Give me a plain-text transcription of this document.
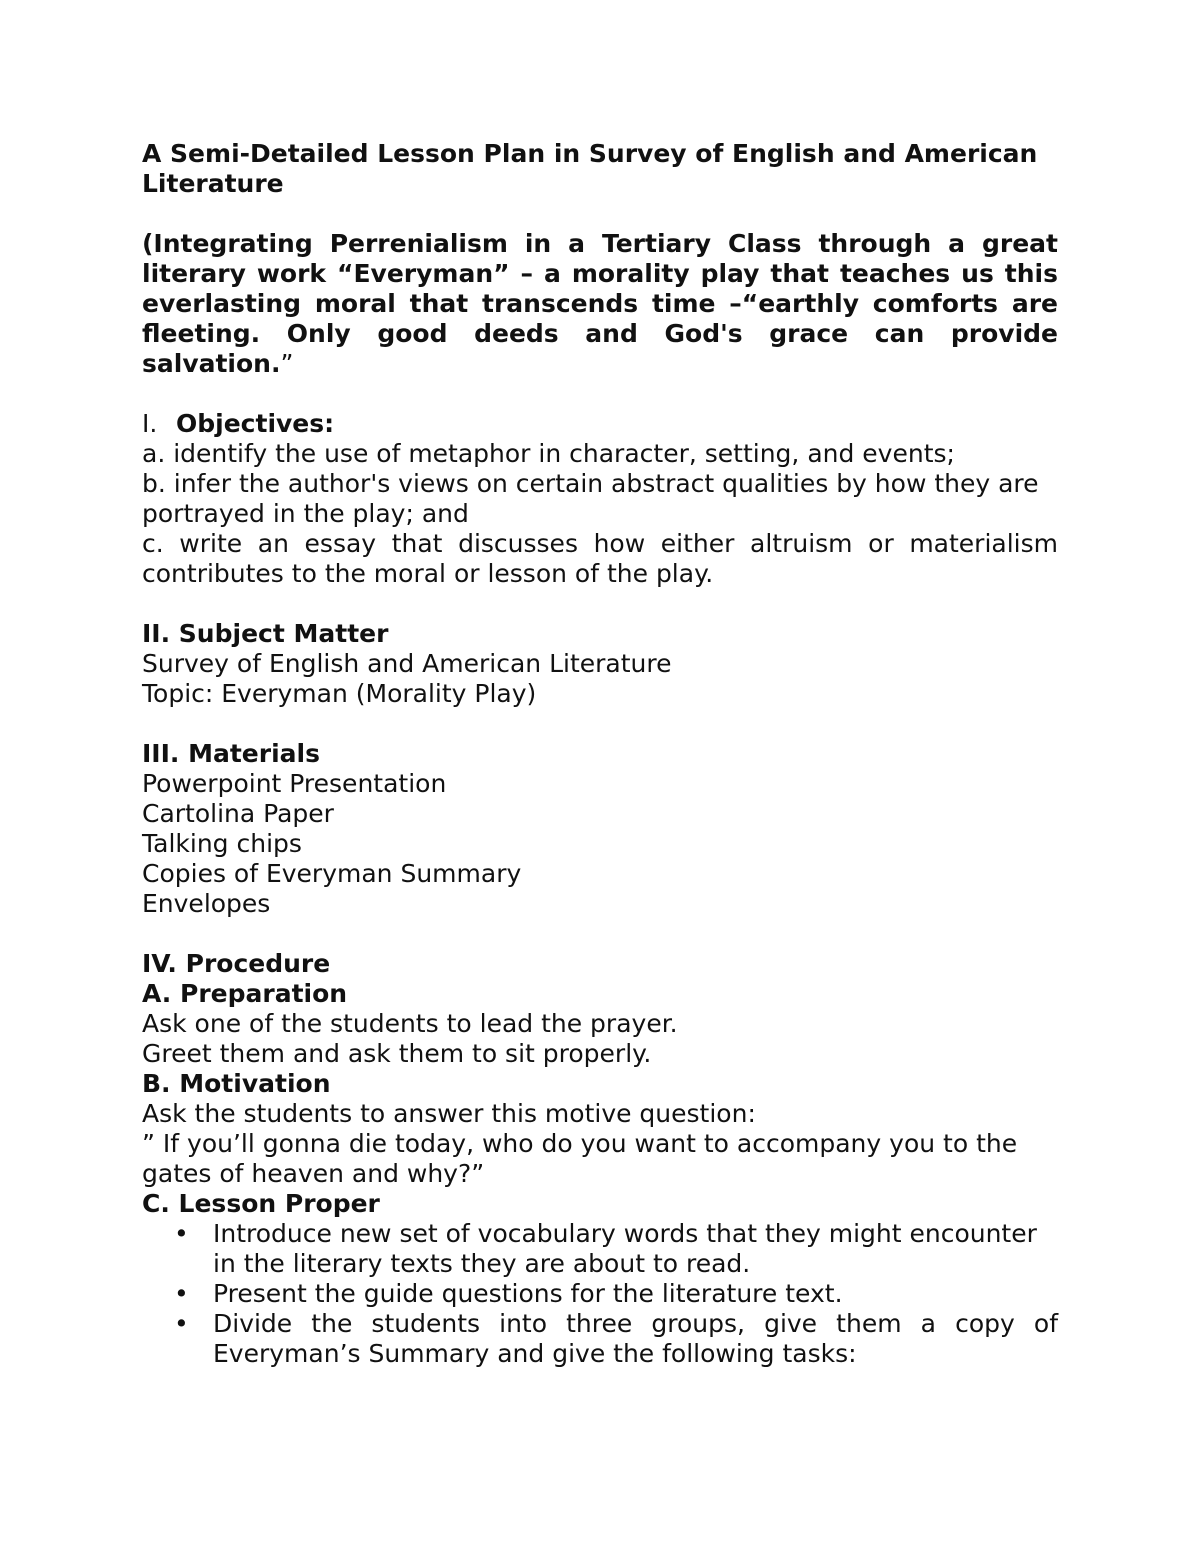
A Semi-Detailed Lesson Plan in Survey of English and American Literature

(Integrating Perrenialism in a Tertiary Class through a great literary work “Everyman” – a morality play that teaches us this everlasting moral that transcends time –“earthly comforts are fleeting. Only good deeds and God's grace can provide salvation.”

I. Objectives:

a. identify the use of metaphor in character, setting, and events;

b. infer the author's views on certain abstract qualities by how they are portrayed in the play; and

c. write an essay that discusses how either altruism or materialism contributes to the moral or lesson of the play.

II. Subject Matter

Survey of English and American Literature

Topic: Everyman (Morality Play)

III. Materials

Powerpoint Presentation

Cartolina Paper

Talking chips

Copies of Everyman Summary

Envelopes

IV. Procedure

A. Preparation

Ask one of the students to lead the prayer.

Greet them and ask them to sit properly.

B. Motivation

Ask the students to answer this motive question:

” If you’ll gonna die today, who do you want to accompany you to the gates of heaven and why?”

C. Lesson Proper

• Introduce new set of vocabulary words that they might encounter in the literary texts they are about to read.
• Present the guide questions for the literature text.
• Divide the students into three groups, give them a copy of Everyman’s Summary and give the following tasks:
